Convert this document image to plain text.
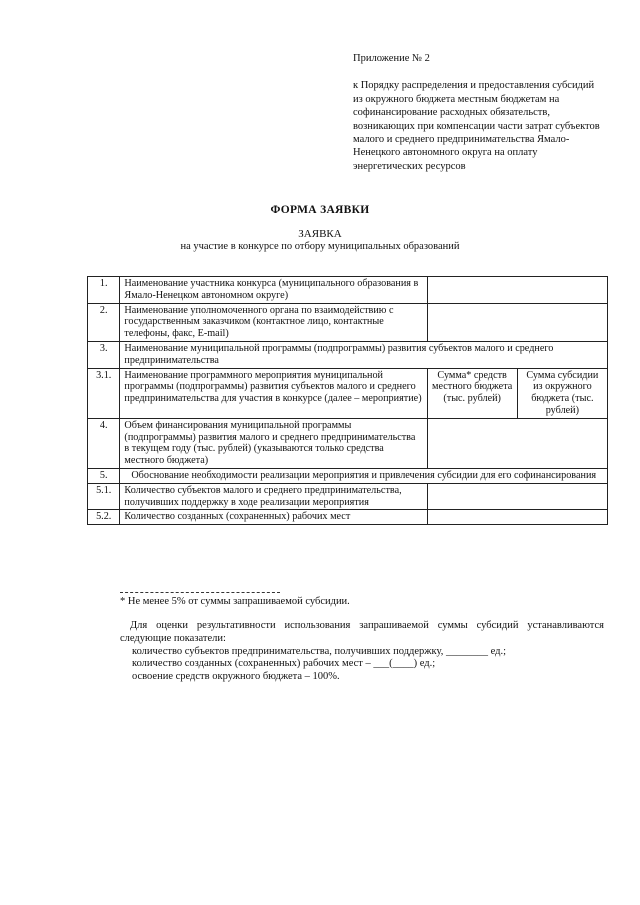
Приложение № 2
к Порядку распределения и предоставления субсидий из окружного бюджета местным бюджетам на софинансирование расходных обязательств, возникающих при компенсации части затрат субъектов малого и среднего предпринимательства Ямало-Ненецкого автономного округа на оплату энергетических ресурсов
ФОРМА ЗАЯВКИ
ЗАЯВКА
на участие в конкурсе по отбору муниципальных образований
1.	Наименование участника конкурса (муниципального образования в Ямало-Ненецком автономном округе)		
2.	Наименование уполномоченного органа по взаимодействию с государственным заказчиком (контактное лицо, контактные телефоны, факс, E-mail)		
3.	Наименование муниципальной программы (подпрограммы) развития субъектов малого и среднего предпринимательства		
3.1.	Наименование программного мероприятия муниципальной программы (подпрограммы) развития субъектов малого и среднего предпринимательства для участия в конкурсе (далее – мероприятие)	Сумма* средств местного бюджета (тыс. рублей)	Сумма субсидии из окружного бюджета (тыс. рублей)
4.	Объем финансирования муниципальной программы (подпрограммы) развития малого и среднего предпринимательства в текущем году (тыс. рублей) (указываются только средства местного бюджета)		
5.	Обоснование необходимости реализации мероприятия и привлечения субсидии для его софинансирования		
5.1.	Количество субъектов малого и среднего предпринимательства, получивших поддержку в ходе реализации мероприятия		
5.2.	Количество созданных (сохраненных) рабочих мест		
* Не менее 5% от суммы запрашиваемой субсидии.
Для оценки результативности использования запрашиваемой суммы субсидий устанавливаются следующие показатели:
количество субъектов предпринимательства, получивших поддержку, ________ ед.;
количество созданных (сохраненных) рабочих мест – ___(____) ед.;
освоение средств окружного бюджета – 100%.
